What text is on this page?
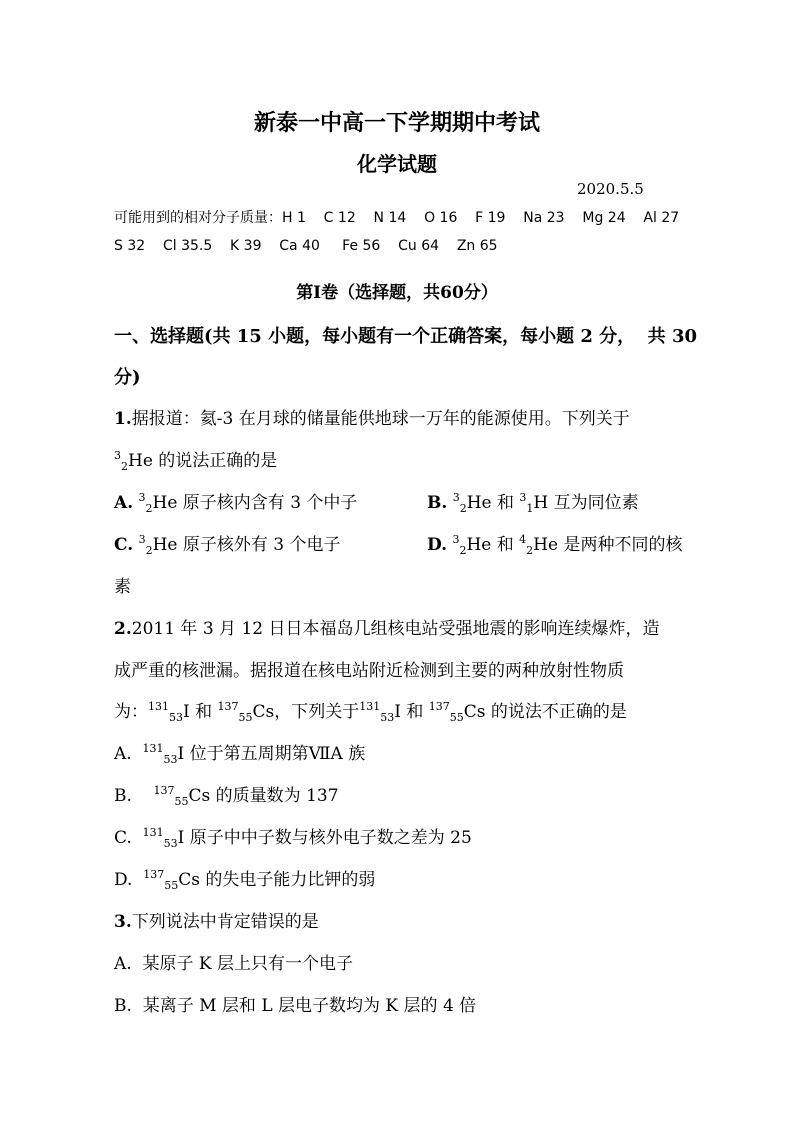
新泰一中高一下学期期中考试
化学试题
2020.5.5
可能用到的相对分子质量：H 1    C 12    N 14    O 16    F 19    Na 23    Mg 24    Al 27
S 32    Cl 35.5    K 39    Ca 40     Fe 56    Cu 64    Zn 65
第Ⅰ卷（选择题，共60分）
一、选择题(共 15 小题，每小题有一个正确答案，每小题 2 分，  共 30
分)
1.据报道：氦-3 在月球的储量能供地球一万年的能源使用。下列关于
$^3_2$He 的说法正确的是
A. $^3_2$He 原子核内含有 3 个中子	B. $^3_2$He 和 $^3_1$H 互为同位素
C. $^3_2$He 原子核外有 3 个电子	D. $^3_2$He 和 $^4_2$He 是两种不同的核
素
2.2011 年 3 月 12 日日本福岛几组核电站受强地震的影响连续爆炸，造
成严重的核泄漏。据报道在核电站附近检测到主要的两种放射性物质
为：$^{131}_{53}$I 和 $^{137}_{55}$Cs，下列关于$^{131}_{53}$I 和 $^{137}_{55}$Cs 的说法不正确的是
A. $^{131}_{53}$I 位于第五周期第ⅦA 族
B. $^{137}_{55}$Cs 的质量数为 137
C. $^{131}_{53}$I 原子中中子数与核外电子数之差为 25
D. $^{137}_{55}$Cs 的失电子能力比钾的弱
3.下列说法中肯定错误的是
A. 某原子 K 层上只有一个电子
B. 某离子 M 层和 L 层电子数均为 K 层的 4 倍
